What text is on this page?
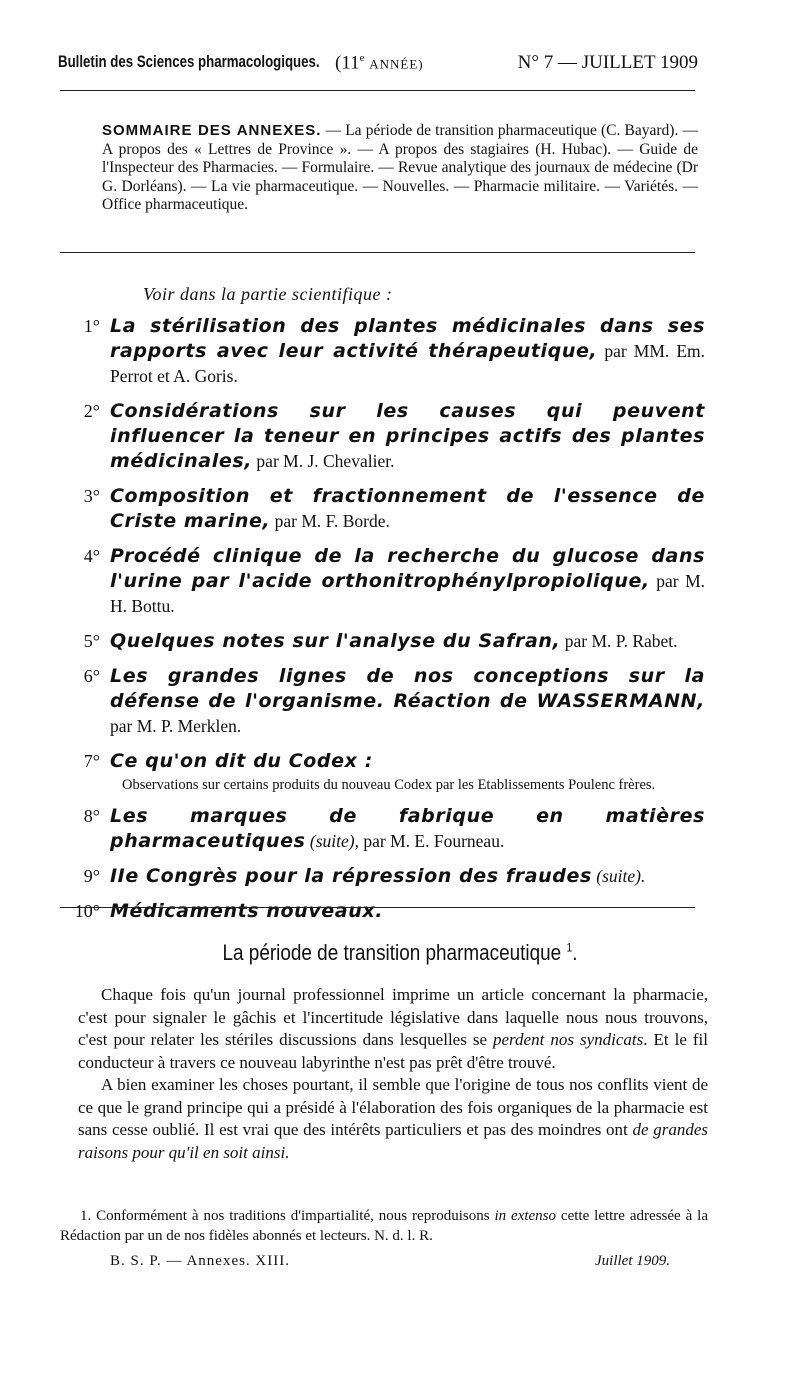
Bulletin des Sciences pharmacologiques. (11e ANNÉE)	N° 7 — JUILLET 1909
SOMMAIRE DES ANNEXES. — La période de transition pharmaceutique (C. Bayard). — A propos des « Lettres de Province ». — A propos des stagiaires (H. Hubac). — Guide de l'Inspecteur des Pharmacies. — Formulaire. — Revue analytique des journaux de médecine (Dr G. Dorléans). — La vie pharmaceutique. — Nouvelles. — Pharmacie militaire. — Variétés. — Office pharmaceutique.
Voir dans la partie scientifique :
1° La stérilisation des plantes médicinales dans ses rapports avec leur activité thérapeutique, par MM. Em. Perrot et A. Goris.
2° Considérations sur les causes qui peuvent influencer la teneur en principes actifs des plantes médicinales, par M. J. Chevalier.
3° Composition et fractionnement de l'essence de Criste marine, par M. F. Borde.
4° Procédé clinique de la recherche du glucose dans l'urine par l'acide orthonitrophénylpropiolique, par M. H. Bottu.
5° Quelques notes sur l'analyse du Safran, par M. P. Rabet.
6° Les grandes lignes de nos conceptions sur la défense de l'organisme. Réaction de WASSERMANN, par M. P. Merklen.
7° Ce qu'on dit du Codex :
Observations sur certains produits du nouveau Codex par les Etablissements Poulenc frères.
8° Les marques de fabrique en matières pharmaceutiques (suite), par M. E. Fourneau.
9° IIe Congrès pour la répression des fraudes (suite).
10° Médicaments nouveaux.
La période de transition pharmaceutique $^1$.

Chaque fois qu'un journal professionnel imprime un article concernant la pharmacie, c'est pour signaler le gâchis et l'incertitude législative dans laquelle nous nous trouvons, c'est pour relater les stériles discussions dans lesquelles se perdent nos syndicats. Et le fil conducteur à travers ce nouveau labyrinthe n'est pas prêt d'être trouvé.

A bien examiner les choses pourtant, il semble que l'origine de tous nos conflits vient de ce que le grand principe qui a présidé à l'élaboration des fois organiques de la pharmacie est sans cesse oublié. Il est vrai que des intérêts particuliers et pas des moindres ont de grandes raisons pour qu'il en soit ainsi.

1. Conformément à nos traditions d'impartialité, nous reproduisons in extenso cette lettre adressée à la Rédaction par un de nos fidèles abonnés et lecteurs. N. d. l. R.

B. S. P. — Annexes. XIII.	Juillet 1909.
